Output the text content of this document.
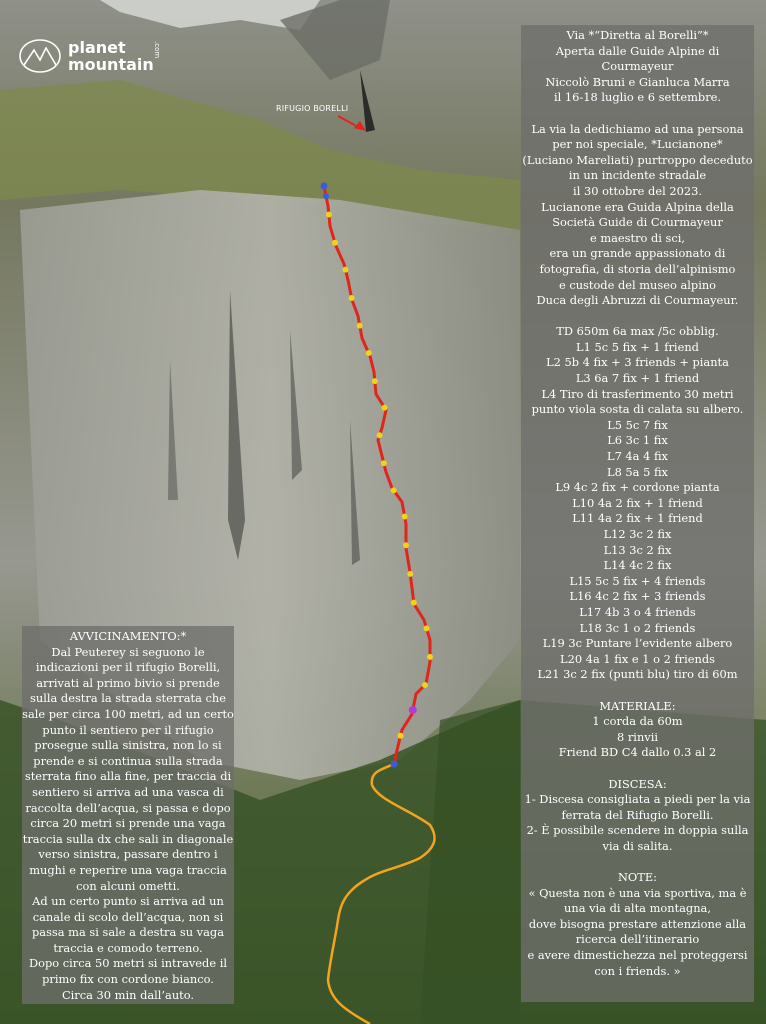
planet
mountain
.com
RIFUGIO BORELLI
Via *“Diretta al Borelli”*
Aperta dalle Guide Alpine di
Courmayeur
Niccolò Bruni e Gianluca Marra
il 16-18 luglio e 6 settembre.
La via la dedichiamo ad una persona
per noi speciale, *Lucianone*
(Luciano Mareliati) purtroppo deceduto
in un incidente stradale
il 30 ottobre del 2023.
Lucianone era Guida Alpina della
Società Guide di Courmayeur
e maestro di sci,
era un grande appassionato di
fotografia, di storia dell’alpinismo
e custode del museo alpino
Duca degli Abruzzi di Courmayeur.
TD 650m 6a max /5c obblig.
L1 5c 5 fix + 1 friend
L2 5b 4 fix + 3 friends + pianta
L3 6a 7 fix + 1 friend
L4 Tiro di trasferimento 30 metri
punto viola sosta di calata su albero.
L5 5c 7 fix
L6 3c 1 fix
L7 4a 4 fix
L8 5a 5 fix
L9 4c 2 fix + cordone pianta
L10 4a 2 fix + 1 friend
L11 4a 2 fix + 1 friend
L12 3c 2 fix
L13 3c 2 fix
L14 4c 2 fix
L15 5c 5 fix + 4 friends
L16 4c 2 fix + 3 friends
L17 4b 3 o 4 friends
L18 3c 1 o 2 friends
L19 3c Puntare l’evidente albero
L20 4a 1 fix e 1 o 2 friends
L21 3c 2 fix (punti blu) tiro di 60m
MATERIALE:
1 corda da 60m
8 rinvii
Friend BD C4 dallo 0.3 al 2
DISCESA:
1- Discesa consigliata a piedi per la via
ferrata del Rifugio Borelli.
2- È possibile scendere in doppia sulla
via di salita.
NOTE:
« Questa non è una via sportiva, ma è
una via di alta montagna,
dove bisogna prestare attenzione alla
ricerca dell’itinerario
e avere dimestichezza nel proteggersi
con i friends. »
AVVICINAMENTO:*
Dal Peuterey si seguono le
indicazioni per il rifugio Borelli,
arrivati al primo bivio si prende
sulla destra la strada sterrata che
sale per circa 100 metri, ad un certo
punto il sentiero per il rifugio
prosegue sulla sinistra, non lo si
prende e si continua sulla strada
sterrata fino alla fine, per traccia di
sentiero si arriva ad una vasca di
raccolta dell’acqua, si passa e dopo
circa 20 metri si prende una vaga
traccia sulla dx che sali in diagonale
verso sinistra, passare dentro i
mughi e reperire una vaga traccia
con alcuni ometti.
Ad un certo punto si arriva ad un
canale di scolo dell’acqua, non si
passa ma si sale a destra su vaga
traccia e comodo terreno.
Dopo circa 50 metri si intravede il
primo fix con cordone bianco.
Circa 30 min dall’auto.
